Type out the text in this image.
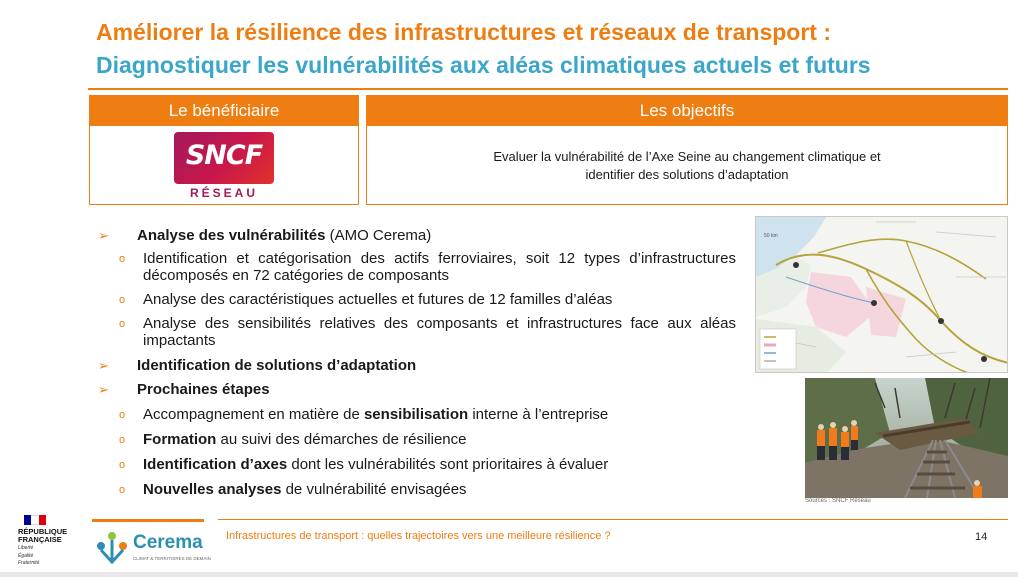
Améliorer la résilience des infrastructures et réseaux de transport :
Diagnostiquer les vulnérabilités aux aléas climatiques actuels et futurs
Le bénéficiaire
SNCF
RÉSEAU
Les objectifs
Evaluer la vulnérabilité de l’Axe Seine au changement climatique et
identifier des solutions d’adaptation
➢ Analyse des vulnérabilités (AMO Cerema)
o Identification et catégorisation des actifs ferroviaires, soit 12 types d’infrastructures décomposés en 72 catégories de composants
o Analyse des caractéristiques actuelles et futures de 12 familles d’aléas
o Analyse des sensibilités relatives des composants et infrastructures face aux aléas impactants
➢ Identification de solutions d’adaptation
➢ Prochaines étapes
o Accompagnement en matière de sensibilisation interne à l’entreprise
o Formation au suivi des démarches de résilience
o Identification d’axes dont les vulnérabilités sont prioritaires à évaluer
o Nouvelles analyses de vulnérabilité envisagées
50 km
Sources : SNCF Réseau
RÉPUBLIQUE
FRANÇAISE
Liberté
Égalité
Fraternité
Cerema
CLIMAT & TERRITOIRES DE DEMAIN
Infrastructures de transport : quelles trajectoires vers une meilleure résilience ?	14
